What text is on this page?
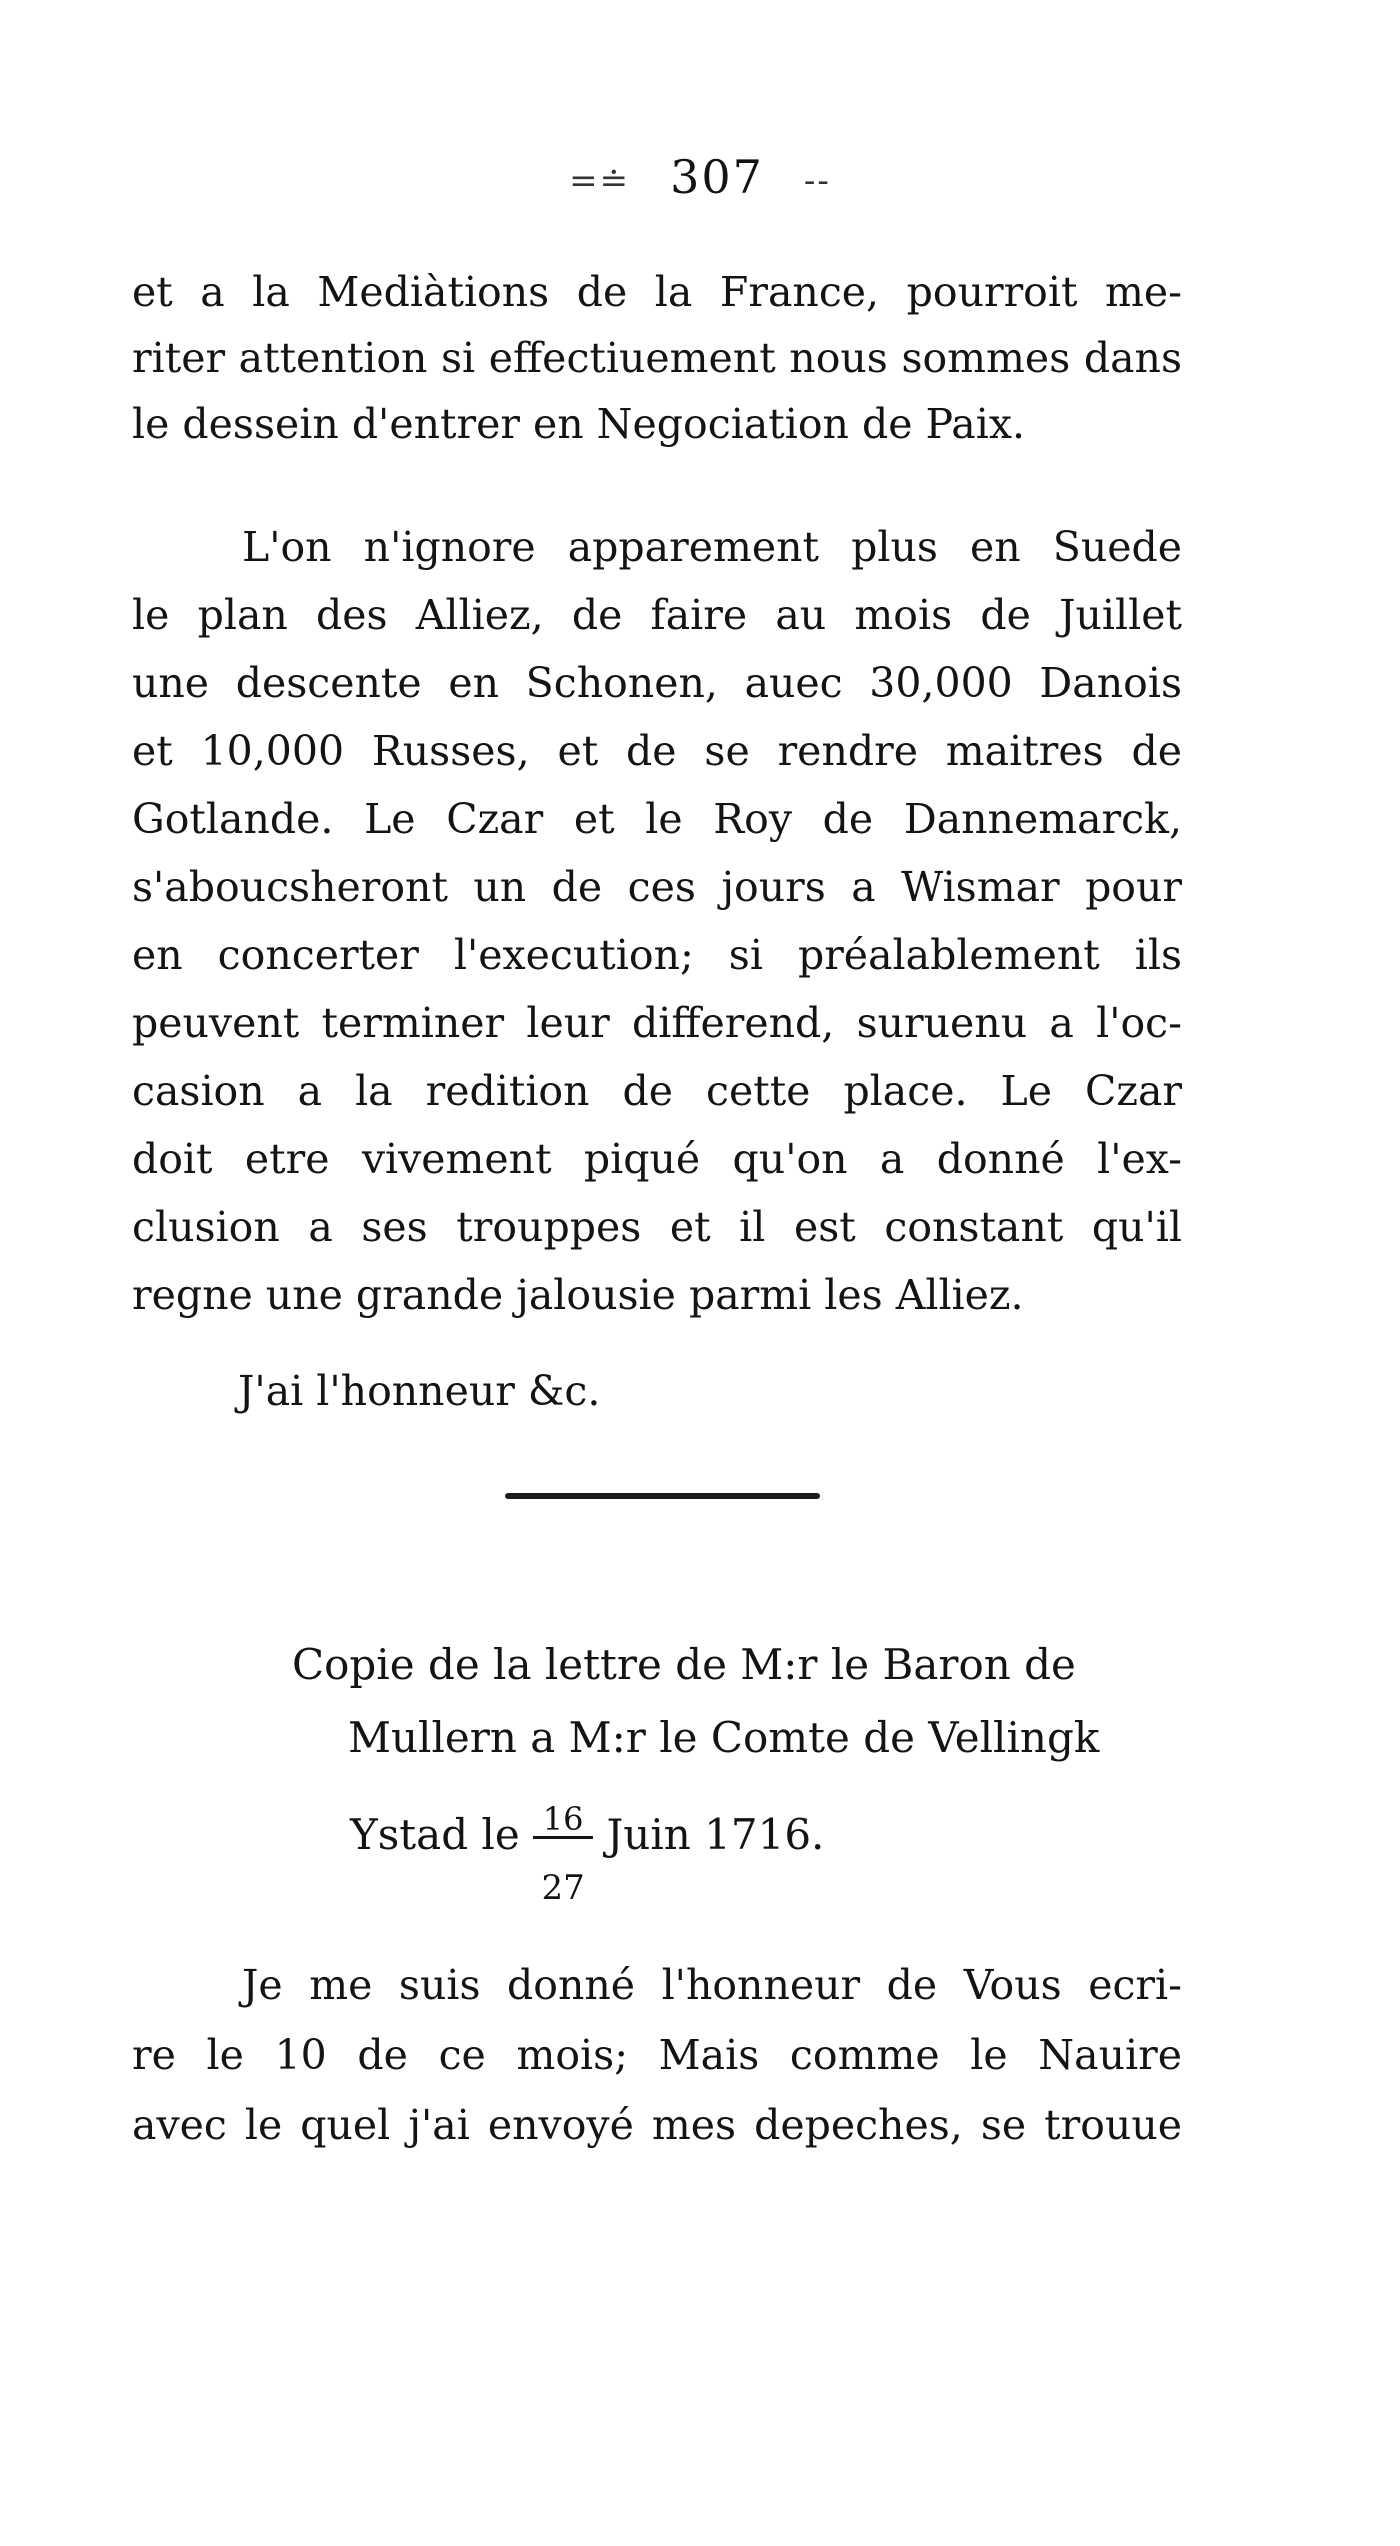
=≐ 307 --
et a la Mediàtions de la France, pourroit me-
riter attention si effectiuement nous sommes dans
le dessein d'entrer en Negociation de Paix.
L'on n'ignore apparement plus en Suede
le plan des Alliez, de faire au mois de Juillet
une descente en Schonen, auec 30,000 Danois
et 10,000 Russes, et de se rendre maitres de
Gotlande. Le Czar et le Roy de Dannemarck,
s'aboucsheront un de ces jours a Wismar pour
en concerter l'execution; si préalablement ils
peuvent terminer leur differend, suruenu a l'oc-
casion a la redition de cette place. Le Czar
doit etre vivement piqué qu'on a donné l'ex-
clusion a ses trouppes et il est constant qu'il
regne une grande jalousie parmi les Alliez.
J'ai l'honneur &c.
Copie de la lettre de M:r le Baron de
Mullern a M:r le Comte de Vellingk
Ystad le $\frac{16}{27}$ Juin 1716.
Je me suis donné l'honneur de Vous ecri-
re le 10 de ce mois; Mais comme le Nauire
avec le quel j'ai envoyé mes depeches, se trouue
